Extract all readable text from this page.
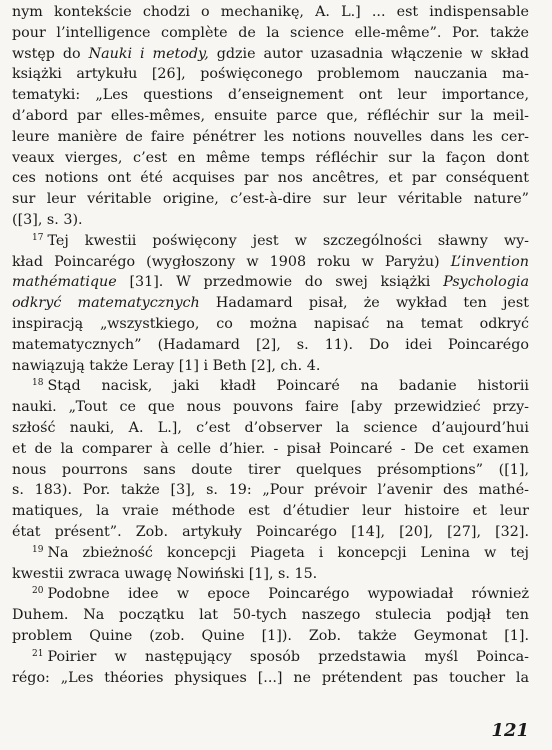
nym kontekście chodzi o mechanikę, A. L.] ... est indispensable
pour l’intelligence complète de la science elle-même”. Por. także
wstęp do Nauki i metody, gdzie autor uzasadnia włączenie w skład
książki artykułu [26], poświęconego problemom nauczania ma-
tematyki: „Les questions d’enseignement ont leur importance,
d’abord par elles-mêmes, ensuite parce que, réfléchir sur la meil-
leure manière de faire pénétrer les notions nouvelles dans les cer-
veaux vierges, c’est en même temps réfléchir sur la façon dont
ces notions ont été acquises par nos ancêtres, et par conséquent
sur leur véritable origine, c’est-à-dire sur leur véritable nature”
([3], s. 3).
$^{17}$ Tej kwestii poświęcony jest w szczególności sławny wy-
kład Poincarégo (wygłoszony w 1908 roku w Paryżu) L’invention
mathématique [31]. W przedmowie do swej książki Psychologia
odkryć matematycznych Hadamard pisał, że wykład ten jest
inspiracją „wszystkiego, co można napisać na temat odkryć
matematycznych” (Hadamard [2], s. 11). Do idei Poincarégo
nawiązują także Leray [1] i Beth [2], ch. 4.
$^{18}$ Stąd nacisk, jaki kładł Poincaré na badanie historii
nauki. „Tout ce que nous pouvons faire [aby przewidzieć przy-
szłość nauki, A. L.], c’est d’observer la science d’aujourd’hui
et de la comparer à celle d’hier. - pisał Poincaré - De cet examen
nous pourrons sans doute tirer quelques présomptions” ([1],
s. 183). Por. także [3], s. 19: „Pour prévoir l’avenir des mathé-
matiques, la vraie méthode est d’étudier leur histoire et leur
état présent”. Zob. artykuły Poincarégo [14], [20], [27], [32].
$^{19}$ Na zbieżność koncepcji Piageta i koncepcji Lenina w tej
kwestii zwraca uwagę Nowiński [1], s. 15.
$^{20}$ Podobne idee w epoce Poincarégo wypowiadał również
Duhem. Na początku lat 50-tych naszego stulecia podjął ten
problem Quine (zob. Quine [1]). Zob. także Geymonat [1].
$^{21}$ Poirier w następujący sposób przedstawia myśl Poinca-
régo: „Les théories physiques [...] ne prétendent pas toucher la
121
